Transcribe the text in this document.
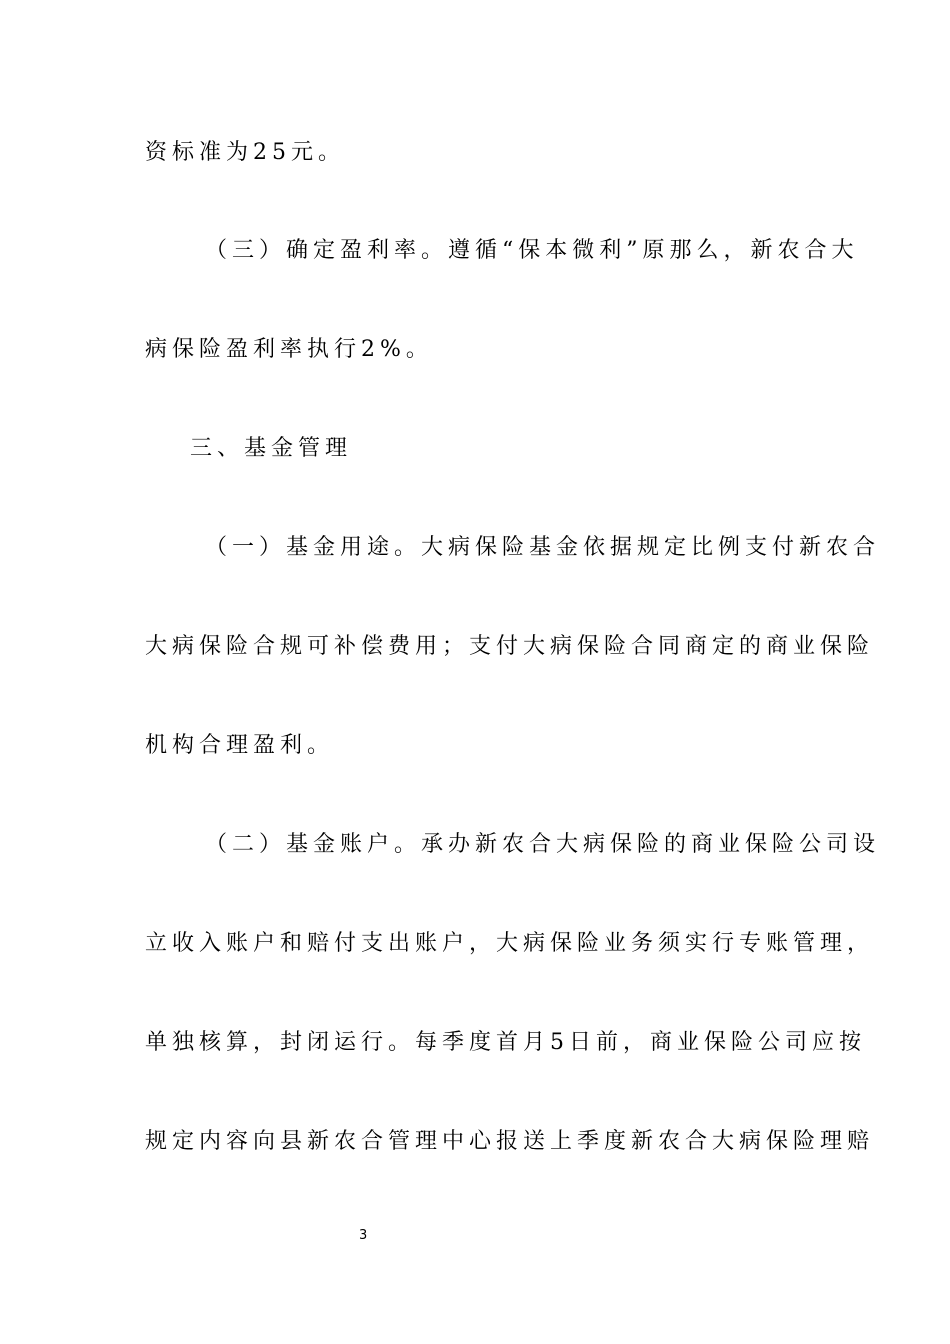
资标准为25元。
（三）确定盈利率。遵循“保本微利”原那么，新农合大
病保险盈利率执行2%。
三、基金管理
（一）基金用途。大病保险基金依据规定比例支付新农合
大病保险合规可补偿费用；支付大病保险合同商定的商业保险
机构合理盈利。
（二）基金账户。承办新农合大病保险的商业保险公司设
立收入账户和赔付支出账户，大病保险业务须实行专账管理，
单独核算，封闭运行。每季度首月5日前，商业保险公司应按
规定内容向县新农合管理中心报送上季度新农合大病保险理赔
3
